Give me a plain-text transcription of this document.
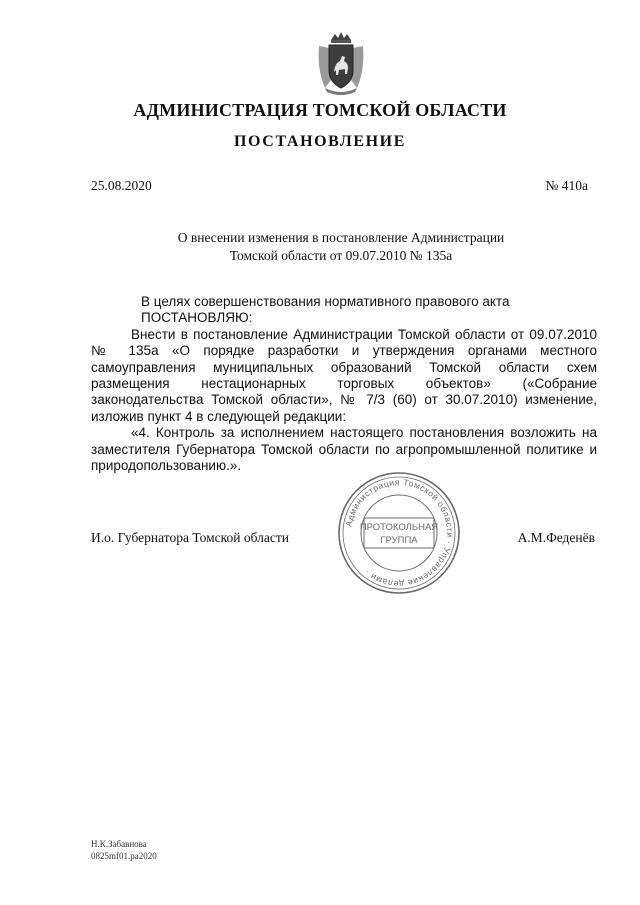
АДМИНИСТРАЦИЯ ТОМСКОЙ ОБЛАСТИ
ПОСТАНОВЛЕНИЕ
25.08.2020	№ 410а
О внесении изменения в постановление Администрации
Томской области от 09.07.2010 № 135а

В целях совершенствования нормативного правового акта

ПОСТАНОВЛЯЮ:

Внести в постановление Администрации Томской области от 09.07.2010 № 135а «О порядке разработки и утверждения органами местного самоуправления муниципальных образований Томской области схем размещения нестационарных торговых объектов» («Собрание законодательства Томской области», № 7/3 (60) от 30.07.2010) изменение, изложив пункт 4 в следующей редакции:

«4. Контроль за исполнением настоящего постановления возложить на заместителя Губернатора Томской области по агропромышленной политике и природопользованию.».

И.о. Губернатора Томской области	А.М.Феденёв
Администрация Томской области · Управление делами ·
ПРОТОКОЛЬНАЯ
ГРУППА
Н.К.Забавнова
0825mf01.ра2020
